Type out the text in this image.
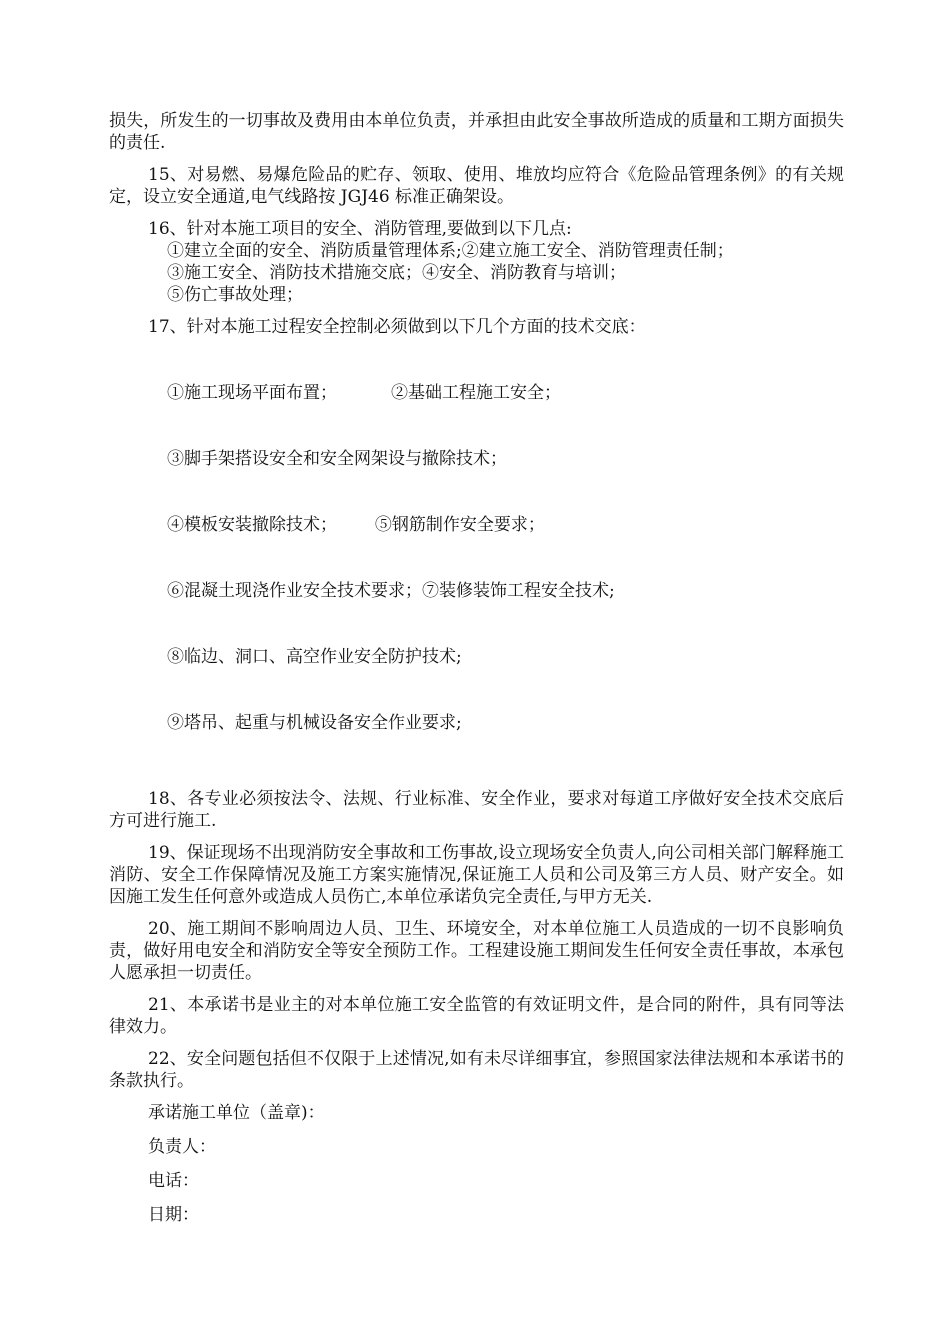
损失，所发生的一切事故及费用由本单位负责，并承担由此安全事故所造成的质量和工期方面损失的责任.

15、对易燃、易爆危险品的贮存、领取、使用、堆放均应符合《危险品管理条例》的有关规定，设立安全通道,电气线路按 JGJ46 标准正确架设。

16、针对本施工项目的安全、消防管理,要做到以下几点:

①建立全面的安全、消防质量管理体系;②建立施工安全、消防管理责任制；
③施工安全、消防技术措施交底；④安全、消防教育与培训；
⑤伤亡事故处理；

17、针对本施工过程安全控制必须做到以下几个方面的技术交底：

①施工现场平面布置；          ②基础工程施工安全；

③脚手架搭设安全和安全网架设与撤除技术；

④模板安装撤除技术；       ⑤钢筋制作安全要求；

⑥混凝土现浇作业安全技术要求；⑦装修装饰工程安全技术;

⑧临边、洞口、高空作业安全防护技术;

⑨塔吊、起重与机械设备安全作业要求;

18、各专业必须按法令、法规、行业标准、安全作业，要求对每道工序做好安全技术交底后方可进行施工.

19、保证现场不出现消防安全事故和工伤事故,设立现场安全负责人,向公司相关部门解释施工消防、安全工作保障情况及施工方案实施情况,保证施工人员和公司及第三方人员、财产安全。如因施工发生任何意外或造成人员伤亡,本单位承诺负完全责任,与甲方无关.

20、施工期间不影响周边人员、卫生、环境安全，对本单位施工人员造成的一切不良影响负责，做好用电安全和消防安全等安全预防工作。工程建设施工期间发生任何安全责任事故，本承包人愿承担一切责任。

21、本承诺书是业主的对本单位施工安全监管的有效证明文件，是合同的附件，具有同等法律效力。

22、安全问题包括但不仅限于上述情况,如有未尽详细事宜，参照国家法律法规和本承诺书的条款执行。

承诺施工单位（盖章)：

负责人：

电话：

日期：
